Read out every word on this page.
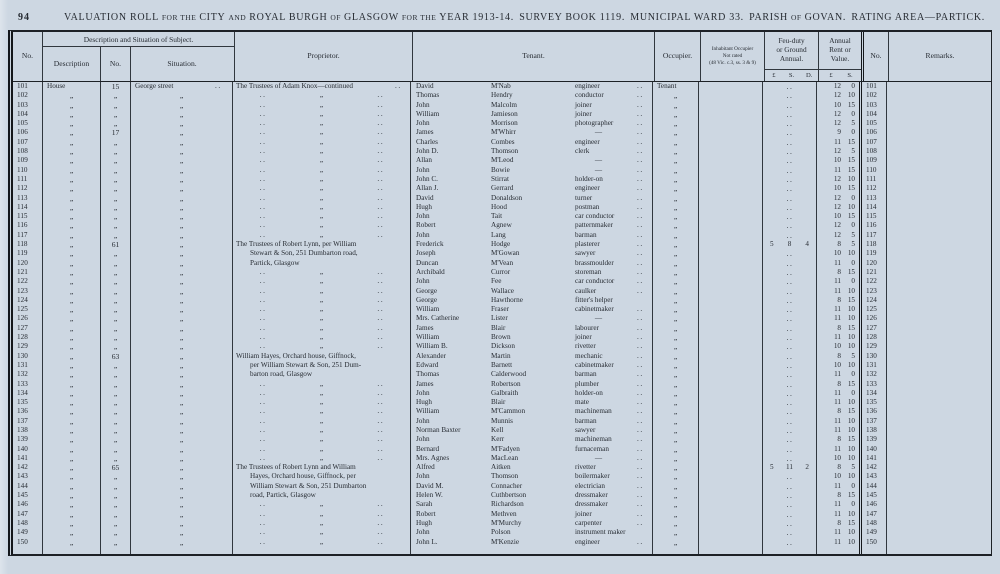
94	VALUATION ROLL FOR THE CITY AND ROYAL BURGH OF GLASGOW FOR THE YEAR 1913-14. SURVEY BOOK 1119. MUNICIPAL WARD 33. PARISH OF GOVAN. RATING AREA—PARTICK.
No.
Description and Situation of Subject.
Description	No.	Situation.
Proprietor.	Tenant.	Occupier.
Inhabitant Occupier
Not rated
(48 Vic. c.3, ss. 3 & 9)
Feu-duty
or Ground
Annual.
£	S.	D.
Annual
Rent or
Value.
£	S.
No.	Remarks.
101	House	15	George street	..	The Trustees of Adam Knox—continued	..	David	M'Nab	engineer	..	Tenant	..	12	0	101
102	„	„	„	..	„	..	Thomas	Hendry	conductor	..	„	..	12 10	102
103	„	„	„	..	„	..	John	Malcolm	joiner	..	„	..	10 15	103
104	„	„	„	..	„	..	William	Jamieson	joiner	..	„	..	12	0	104
105	„	„	„	..	„	..	John	Morrison	photographer	..	„	..	12	5	105
106	„	17	„	..	„	..	James	M'Whirr	—	..	„	..	9	0	106
107	„	„	„	..	„	..	Charles	Combes	engineer	..	„	..	11 15	107
108	„	„	„	..	„	..	John D.	Thomson	clerk	..	„	..	12	5	108
109	„	„	„	..	„	..	Allan	M'Leod	—	..	„	..	10 15	109
110	„	„	„	..	„	..	John	Bowie	—	..	„	..	11 15	110
111	„	„	„	..	„	..	John C.	Stirrat	holder-on	..	„	..	12 10	111
112	„	„	„	..	„	..	Allan J.	Gerrard	engineer	..	„	..	10 15	112
113	„	„	„	..	„	..	David	Donaldson	turner	..	„	..	12	0	113
114	„	„	„	..	„	..	Hugh	Hood	postman	..	„	..	12 10	114
115	„	„	„	..	„	..	John	Tait	car conductor	..	„	..	10 15	115
116	„	„	„	..	„	..	Robert	Agnew	patternmaker	..	„	..	12	0	116
117	„	„	„	..	„	..	John	Lang	barman	..	„	..	12	5	117
118	„	61	„	The Trustees of Robert Lynn, per William	Frederick	Hodge	plasterer	..	„	5	8	4	8	5	118
119	„	„	„	Stewart & Son, 251 Dumbarton road,	Joseph	M'Gowan	sawyer	..	„	..	10 10	119
120	„	„	„	Partick, Glasgow	Duncan	M'Vean	brassmoulder	..	„	..	11	0	120
121	„	„	„	..	„	..	Archibald	Curror	storeman	..	„	..	8 15	121
122	„	„	„	..	„	..	John	Fee	car conductor	..	„	..	11	0	122
123	„	„	„	..	„	..	George	Wallace	caulker	..	„	..	11 10	123
124	„	„	„	..	„	..	George	Hawthorne	fitter's helper	„	..	8 15	124
125	„	„	„	..	„	..	William	Fraser	cabinetmaker	..	„	..	11 10	125
126	„	„	„	..	„	..	Mrs. Catherine	Lister	—	..	„	..	11 10	126
127	„	„	„	..	„	..	James	Blair	labourer	..	„	..	8 15	127
128	„	„	„	..	„	..	William	Brown	joiner	..	„	..	11 10	128
129	„	„	„	..	„	..	William B.	Dickson	rivetter	..	„	..	10 10	129
130	„	63	„	William Hayes, Orchard house, Giffnock,	Alexander	Martin	mechanic	..	„	..	8	5	130
131	„	„	„	per William Stewart & Son, 251 Dum-	Edward	Barnett	cabinetmaker	..	„	..	10 10	131
132	„	„	„	barton road, Glasgow	Thomas	Calderwood	barman	..	„	..	11	0	132
133	„	„	„	..	„	..	James	Robertson	plumber	..	„	..	8 15	133
134	„	„	„	..	„	..	John	Galbraith	holder-on	..	„	..	11	0	134
135	„	„	„	..	„	..	Hugh	Blair	mate	..	„	..	11 10	135
136	„	„	„	..	„	..	William	M'Cammon	machineman	..	„	..	8 15	136
137	„	„	„	..	„	..	John	Munnis	barman	..	„	..	11 10	137
138	„	„	„	..	„	..	Norman Baxter	Kell	sawyer	..	„	..	11 10	138
139	„	„	„	..	„	..	John	Kerr	machineman	..	„	..	8 15	139
140	„	„	„	..	„	..	Bernard	M'Fadyen	furnaceman	..	„	..	11 10	140
141	„	„	„	..	„	..	Mrs. Agnes	MacLean	—	..	„	..	10 10	141
142	„	65	„	The Trustees of Robert Lynn and William	Alfred	Aitken	rivetter	..	„	5	11	2	8	5	142
143	„	„	„	Hayes, Orchard house, Giffnock, per	John	Thomson	boilermaker	..	„	..	10 10	143
144	„	„	„	William Stewart & Son, 251 Dumbarton	David M.	Connacher	electrician	..	„	..	11	0	144
145	„	„	„	road, Partick, Glasgow	Helen W.	Cuthbertson	dressmaker	..	„	..	8 15	145
146	„	„	„	..	„	..	Sarah	Richardson	dressmaker	..	„	..	11	0	146
147	„	„	„	..	„	..	Robert	Methven	joiner	..	„	..	11 10	147
148	„	„	„	..	„	..	Hugh	M'Murchy	carpenter	..	„	..	8 15	148
149	„	„	„	..	„	..	John	Polson	instrument maker	„	..	11 10	149
150	„	„	„	..	„	..	John L.	M'Kenzie	engineer	..	„	..	11 10	150
